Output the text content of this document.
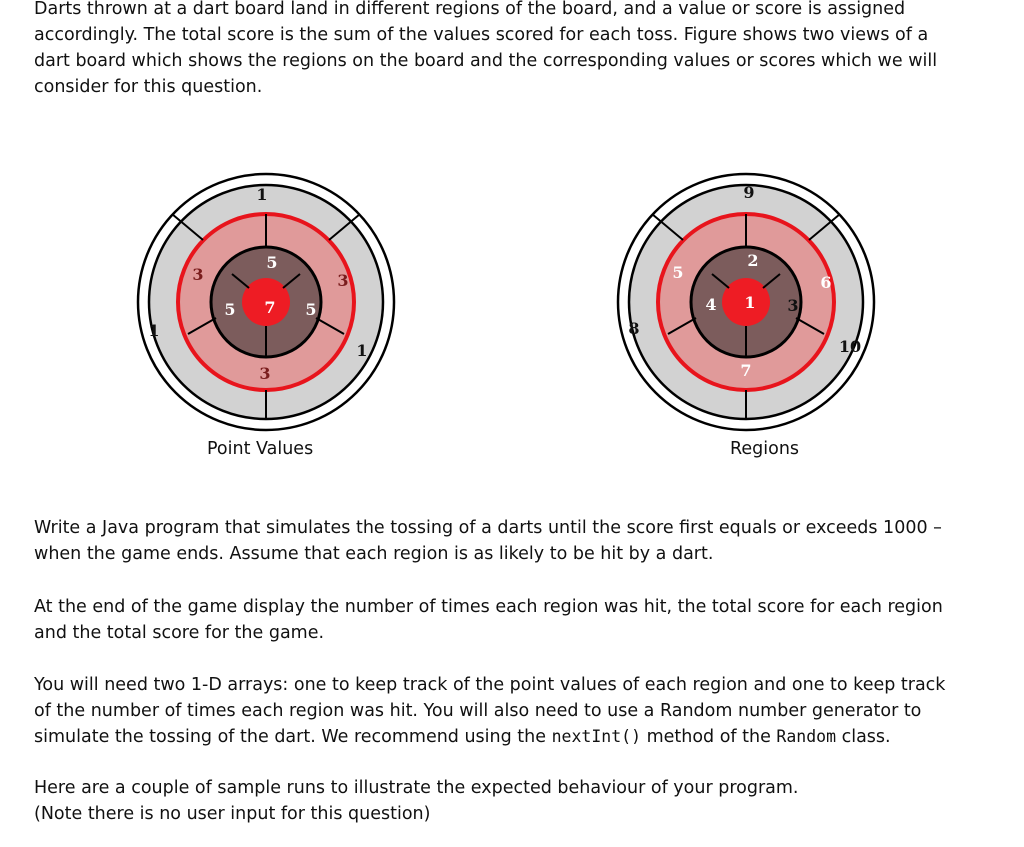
Darts thrown at a dart board land in different regions of the board, and a value or score is assigned
accordingly. The total score is the sum of the values scored for each toss. Figure shows two views of a
dart board which shows the regions on the board and the corresponding values or scores which we will
consider for this question.

1
1
1
3	3
3
5
5
5
7
9
8
10
5
6
7
4
2
3
1
Point Values	Regions

Write a Java program that simulates the tossing of a darts until the score first equals or exceeds 1000 –
when the game ends. Assume that each region is as likely to be hit by a dart.

At the end of the game display the number of times each region was hit, the total score for each region
and the total score for the game.

You will need two 1-D arrays: one to keep track of the point values of each region and one to keep track
of the number of times each region was hit. You will also need to use a Random number generator to
simulate the tossing of the dart. We recommend using the nextInt() method of the Random class.

Here are a couple of sample runs to illustrate the expected behaviour of your program.
(Note there is no user input for this question)
